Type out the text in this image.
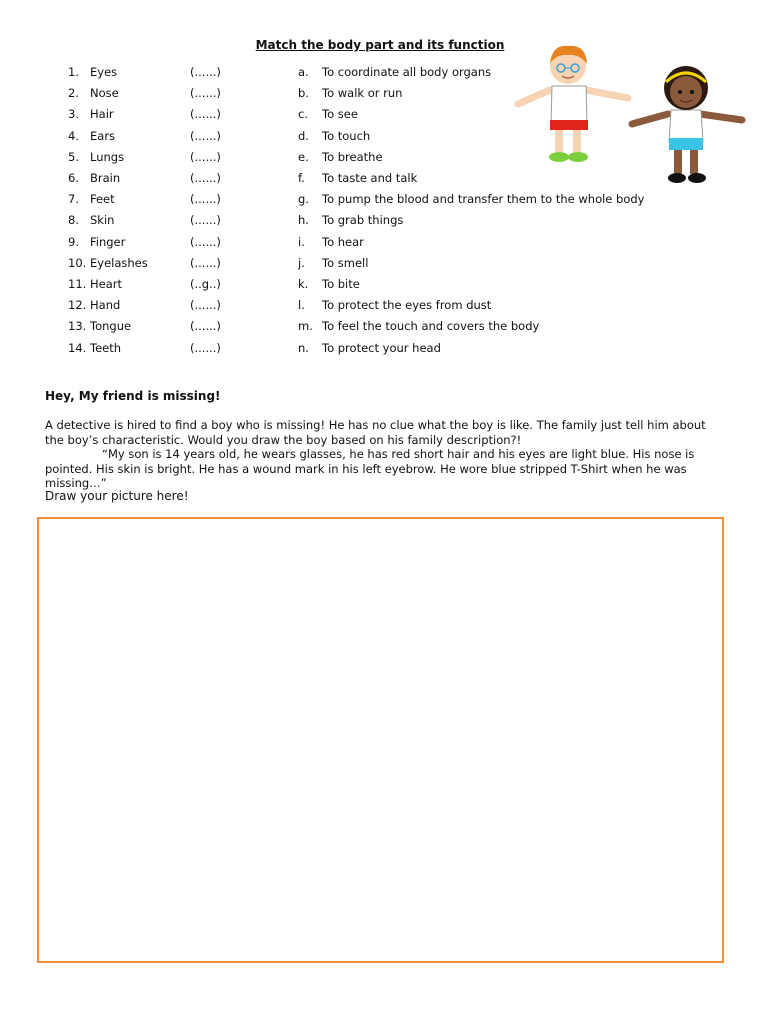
Match the body part and its function
1. Eyes	(......)	a. To coordinate all body organs
2. Nose	(......)	b. To walk or run
3. Hair	(......)	c. To see
4. Ears	(......)	d. To touch
5. Lungs	(......)	e. To breathe
6. Brain	(......)	f. To taste and talk
7. Feet	(......)	g. To pump the blood and transfer them to the whole body
8. Skin	(......)	h. To grab things
9. Finger	(......)	i. To hear
10. Eyelashes	(......)	j. To smell
11. Heart	(..g..)	k. To bite
12. Hand	(......)	l. To protect the eyes from dust
13. Tongue	(......)	m. To feel the touch and covers the body
14. Teeth	(......)	n. To protect your head
Hey, My friend is missing!

A detective is hired to find a boy who is missing! He has no clue what the boy is like. The family just tell him about the boy’s characteristic. Would you draw the boy based on his family description?!
“My son is 14 years old, he wears glasses, he has red short hair and his eyes are light blue. His nose is pointed. His skin is bright. He has a wound mark in his left eyebrow. He wore blue stripped T-Shirt when he was missing…”

Draw your picture here!
